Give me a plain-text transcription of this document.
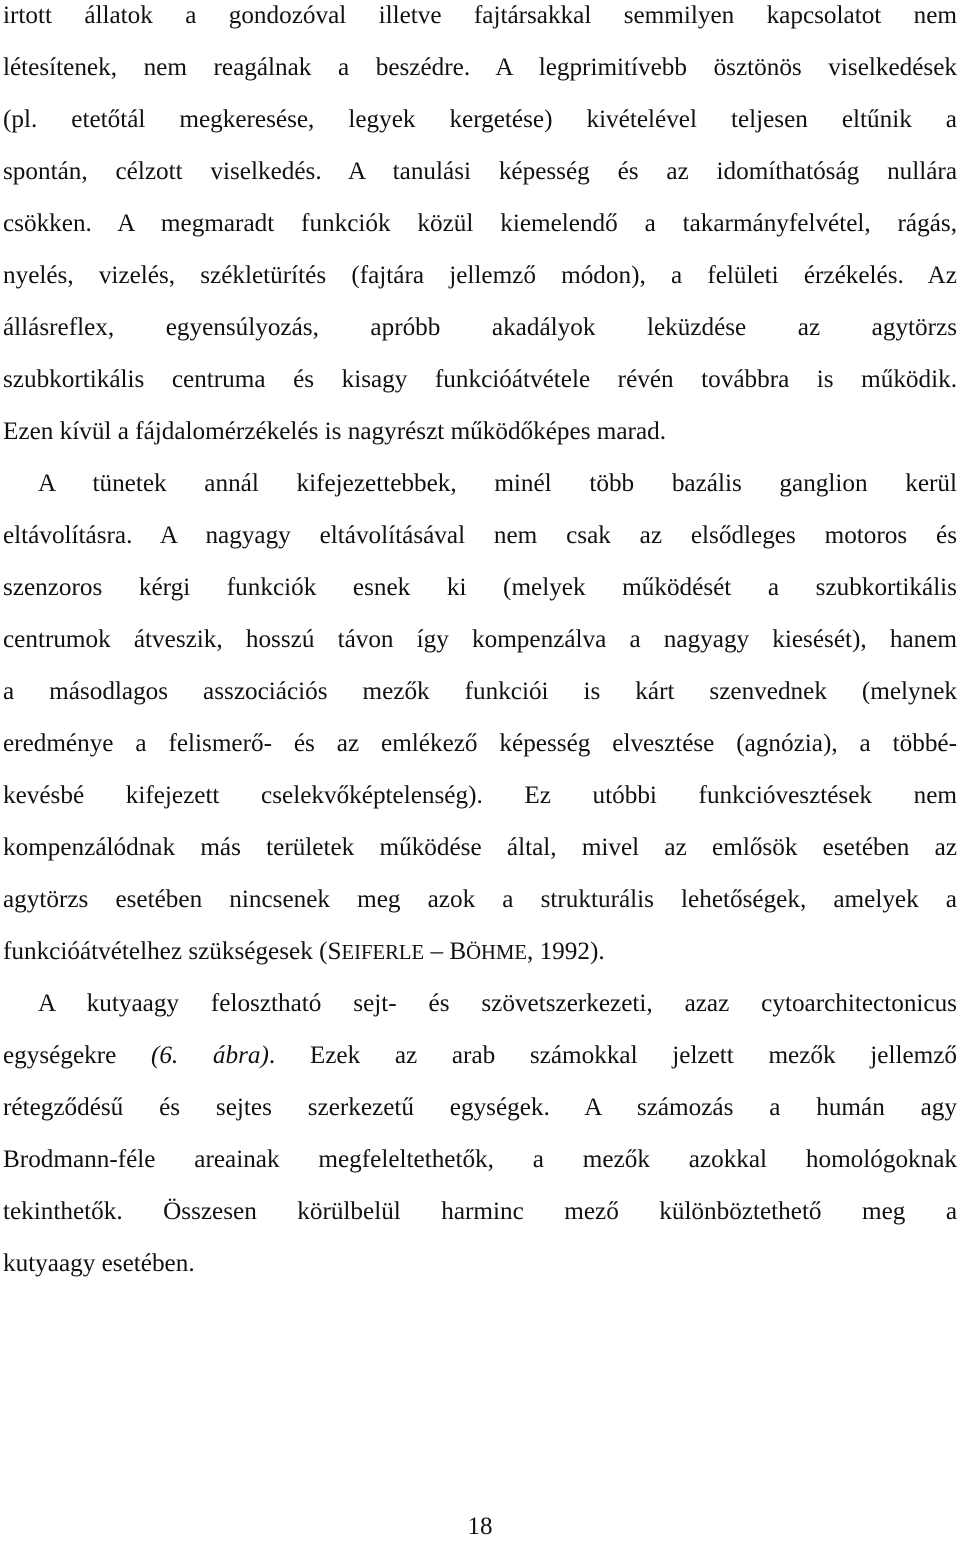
irtott állatok a gondozóval illetve fajtársakkal semmilyen kapcsolatot nem
létesítenek, nem reagálnak a beszédre. A legprimitívebb ösztönös viselkedések
(pl. etetőtál megkeresése, legyek kergetése) kivételével teljesen eltűnik a
spontán, célzott viselkedés. A tanulási képesség és az idomíthatóság nullára
csökken. A megmaradt funkciók közül kiemelendő a takarmányfelvétel, rágás,
nyelés, vizelés, székletürítés (fajtára jellemző módon), a felületi érzékelés. Az
állásreflex, egyensúlyozás, apróbb akadályok leküzdése az agytörzs
szubkortikális centruma és kisagy funkcióátvétele révén továbbra is működik.
Ezen kívül a fájdalomérzékelés is nagyrészt működőképes marad.
A tünetek annál kifejezettebbek, minél több bazális ganglion kerül
eltávolításra. A nagyagy eltávolításával nem csak az elsődleges motoros és
szenzoros kérgi funkciók esnek ki (melyek működését a szubkortikális
centrumok átveszik, hosszú távon így kompenzálva a nagyagy kiesését), hanem
a másodlagos asszociációs mezők funkciói is kárt szenvednek (melynek
eredménye a felismerő- és az emlékező képesség elvesztése (agnózia), a többé-
kevésbé kifejezett cselekvőképtelenség). Ez utóbbi funkcióvesztések nem
kompenzálódnak más területek működése által, mivel az emlősök esetében az
agytörzs esetében nincsenek meg azok a strukturális lehetőségek, amelyek a
funkcióátvételhez szükségesek (SEIFERLE – BÖHME, 1992).
A kutyaagy felosztható sejt- és szövetszerkezeti, azaz cytoarchitectonicus
egységekre (6. ábra). Ezek az arab számokkal jelzett mezők jellemző
rétegződésű és sejtes szerkezetű egységek. A számozás a humán agy
Brodmann-féle areainak megfeleltethetők, a mezők azokkal homológoknak
tekinthetők. Összesen körülbelül harminc mező különböztethető meg a
kutyaagy esetében.
18
